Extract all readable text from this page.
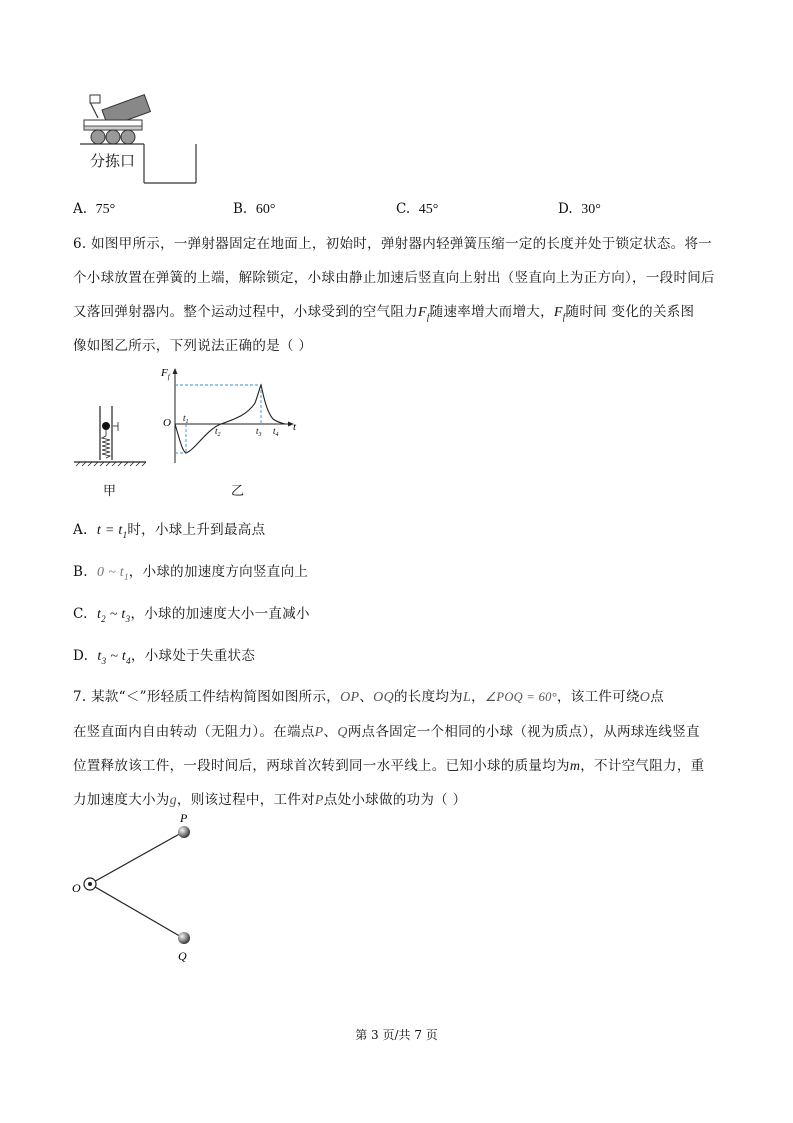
分拣口
A. 75°	B. 60°	C. 45°	D. 30°
6. 如图甲所示，一弹射器固定在地面上，初始时，弹射器内轻弹簧压缩一定的长度并处于锁定状态。将一
个小球放置在弹簧的上端，解除锁定，小球由静止加速后竖直向上射出（竖直向上为正方向），一段时间后
又落回弹射器内。整个运动过程中，小球受到的空气阻力$F_f$随速率增大而增大，$F_f$随时间 变化的关系图
像如图乙所示，下列说法正确的是（ ）
甲
$F_f$
t
O $t_1$
$t_2$	$t_3$ $t_4$
乙
A. $t = t_1$时，小球上升到最高点
B. 0 ~ $t_1$，小球的加速度方向竖直向上
C. $t_2$ ~ $t_3$，小球的加速度大小一直减小
D. $t_3$ ~ $t_4$，小球处于失重状态
7. 某款“＜”形轻质工件结构简图如图所示，OP、OQ的长度均为L，∠POQ = 60°，该工件可绕O点
在竖直面内自由转动（无阻力）。在端点P、Q两点各固定一个相同的小球（视为质点），从两球连线竖直
位置释放该工件，一段时间后，两球首次转到同一水平线上。已知小球的质量均为m，不计空气阻力，重
力加速度大小为g，则该过程中，工件对P点处小球做的功为（ ）
P
O
Q
第 3 页/共 7 页
